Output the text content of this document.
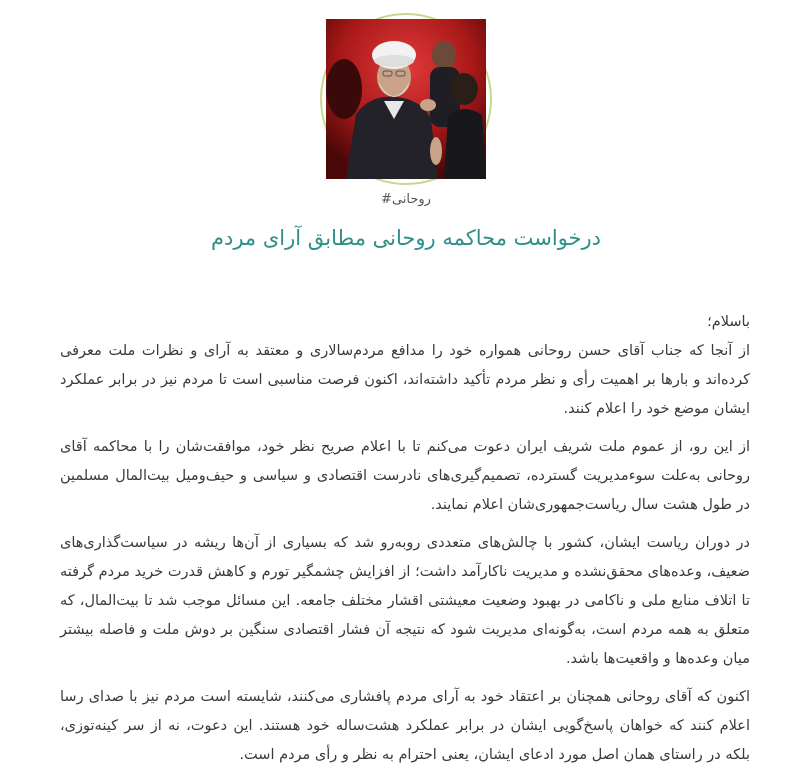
#روحانی
درخواست محاکمه روحانی مطابق آرای مردم

باسلام؛

از آنجا که جناب آقای حسن روحانی همواره خود را مدافع مردم‌سالاری و معتقد به آرای و نظرات ملت معرفی کرده‌اند و بارها بر اهمیت رأی و نظر مردم تأکید داشته‌اند، اکنون فرصت مناسبی است تا مردم نیز در برابر عملکرد ایشان موضع خود را اعلام کنند.

از این رو، از عموم ملت شریف ایران دعوت می‌کنم تا با اعلام صریح نظر خود، موافقت‌شان را با محاکمه آقای روحانی به‌علت سوءمدیریت گسترده، تصمیم‌گیری‌های نادرست اقتصادی و سیاسی و حیف‌ومیل بیت‌المال مسلمین در طول هشت سال ریاست‌جمهوری‌شان اعلام نمایند.

در دوران ریاست ایشان، کشور با چالش‌های متعددی روبه‌رو شد که بسیاری از آن‌ها ریشه در سیاست‌گذاری‌های ضعیف، وعده‌های محقق‌نشده و مدیریت ناکارآمد داشت؛ از افزایش چشمگیر تورم و کاهش قدرت خرید مردم گرفته تا اتلاف منابع ملی و ناکامی در بهبود وضعیت معیشتی اقشار مختلف جامعه. این مسائل موجب شد تا بیت‌المال، که متعلق به همه مردم است، به‌گونه‌ای مدیریت شود که نتیجه آن فشار اقتصادی سنگین بر دوش ملت و فاصله بیشتر میان وعده‌ها و واقعیت‌ها باشد.

اکنون که آقای روحانی همچنان بر اعتقاد خود به آرای مردم پافشاری می‌کنند، شایسته است مردم نیز با صدای رسا اعلام کنند که خواهان پاسخ‌گویی ایشان در برابر عملکرد هشت‌ساله خود هستند. این دعوت، نه از سر کینه‌توزی، بلکه در راستای همان اصل مورد ادعای ایشان، یعنی احترام به نظر و رأی مردم است.
